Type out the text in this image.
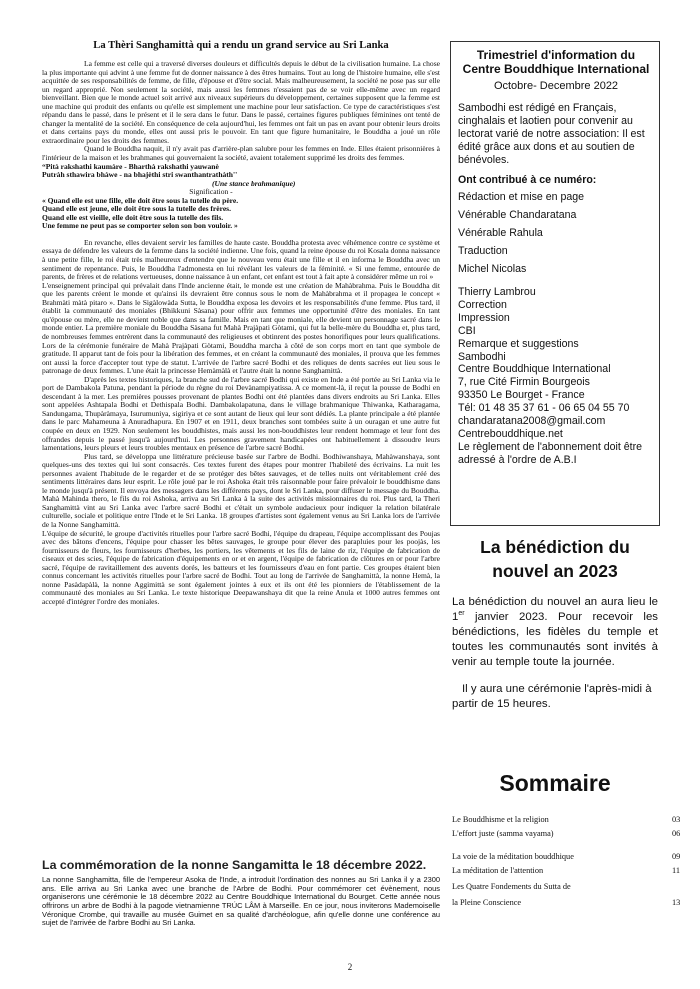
La Thèri Sanghamittà qui a rendu un grand service au Sri Lanka

La femme est celle qui a traversé diverses douleurs et difficultés depuis le début de la civilisation humaine. La chose la plus importante qui advint à une femme fut de donner naissance à des êtres humains. Tout au long de l'histoire humaine, elle s'est acquittée de ses responsabilités de femme, de fille, d'épouse et d'être social. Mais malheureusement, la société ne pose pas sur elle un regard approprié. Non seulement la société, mais aussi les femmes n'essaient pas de se voir elle-même avec un regard bienveillant. Bien que le monde actuel soit arrivé aux niveaux supérieurs du développement, certaines supposent que la femme est une machine qui produit des enfants ou qu'elle est simplement une machine pour leur satisfaction. Ce type de caractéristiques s'est répandu dans le passé, dans le présent et il le sera dans le futur. Dans le passé, certaines figures publiques féminines ont tenté de changer la mentalité de la société. En conséquence de cela aujourd'hui, les femmes ont fait un pas en avant pour obtenir leurs droits et dans certains pays du monde, elles ont aussi pris le pouvoir. En tant que figure humanitaire, le Bouddha a joué un rôle extraordinaire pour les droits des femmes.

Quand le Bouddha naquit, il n'y avait pas d'arrière-plan salubre pour les femmes en Inde. Elles étaient prisonnières à l'intérieur de la maison et les brahmanes qui gouvernaient la société, avaient totalement supprimé les droits des femmes.

“Pità rakshathi kaumàre - Bharthà rakshathi yauwanè

Putràh sthawira bhàwe - na bhajèthi stri swanthantrathàth''

(Une stance brahmanique)

Signification -

« Quand elle est une fille, elle doit être sous la tutelle du père.

Quand elle est jeune, elle doit être sous la tutelle des frères.

Quand elle est vieille, elle doit être sous la tutelle des fils.

Une femme ne peut pas se comporter selon son bon vouloir. »

En revanche, elles devaient servir les familles de haute caste. Bouddha protesta avec véhémence contre ce système et essaya de défendre les valeurs de la femme dans la société indienne. Une fois, quand la reine épouse du roi Kosala donna naissance à une petite fille, le roi était très malheureux d'entendre que le nouveau venu était une fille et il en informa le Bouddha avec un sentiment de repentance. Puis, le Bouddha l'admonesta en lui révélant les valeurs de la féminité. « Si une femme, entourée de parents, de frères et de relations vertueuses, donne naissance à un enfant, cet enfant est tout à fait apte à considérer même un roi »

L'enseignement principal qui prévalait dans l'Inde ancienne était, le monde est une création de Mahàbrahma. Puis le Bouddha dit que les parents créent le monde et qu'ainsi ils devraient être connus sous le nom de Mahàbrahma et il propagea le concept « Brahmàti màtà pitaro ». Dans le Sigàlowàda Sutta, le Bouddha exposa les devoirs et les responsabilités d'une femme. Plus tard, il établit la communauté des moniales (Bhikkuni Sàsana) pour offrir aux femmes une opportunité d'être des moniales. En tant qu'épouse ou mère, elle ne devient noble que dans sa famille. Mais en tant que moniale, elle devient un personnage sacré dans le monde entier. La première moniale du Bouddha Sàsana fut Mahà Prajàpati Gòtami, qui fut la belle-mère du Bouddha et, plus tard, de nombreuses femmes entrèrent dans la communauté des religieuses et obtinrent des postes honorifiques pour leurs qualifications. Lors de la cérémonie funéraire de Mahà Prajàpati Gòtami, Bouddha marcha à côté de son corps mort en tant que symbole de gratitude. Il apparut tant de fois pour la libération des femmes, et en créant la communauté des moniales, il prouva que les femmes ont aussi la force d'accepter tout type de statut. L'arrivée de l'arbre sacré Bodhi et des reliques de dents sacrées eut lieu sous le patronage de deux femmes. L'une était la princesse Hemàmàlà et l'autre était la nonne Sanghamittà.

D'après les textes historiques, la branche sud de l'arbre sacré Bodhi qui existe en Inde a été portée au Sri Lanka via le port de Dambakola Patuna, pendant la période du règne du roi Devànampiyatissa. A ce moment-là, il reçut la pousse de Bodhi en descendant à la mer. Les premières pousses provenant de plantes Bodhi ont été plantées dans divers endroits au Sri Lanka. Elles sont appelées Ashtapala Bodhi et Dethispala Bodhi. Dambakolapatuna, dans le village brahmanique Thiwanka, Katharagama, Sandungama, Thupàràmaya, Isurumuniya, sigiriya et ce sont autant de lieux qui leur sont dédiés. La plante principale a été plantée dans le parc Mahameuna à Anuradhapura. En 1907 et en 1911, deux branches sont tombées suite à un ouragan et une autre fut coupée en deux en 1929. Non seulement les bouddhistes, mais aussi les non-bouddhistes leur rendent hommage et leur font des offrandes depuis le passé jusqu'à aujourd'hui. Les personnes gravement handicapées ont habituellement à dissoudre leurs lamentations, leurs pleurs et leurs troubles mentaux en présence de l'arbre sacré Bodhi.

Plus tard, se développa une littérature précieuse basée sur l'arbre de Bodhi. Bodhiwanshaya, Mahàwanshaya, sont quelques-uns des textes qui lui sont consacrés. Ces textes furent des étapes pour montrer l'habileté des écrivains. La nuit les personnes avaient l'habitude de le regarder et de se protéger des bêtes sauvages, et de telles nuits ont véritablement créé des sentiments littéraires dans leur esprit. Le rôle joué par le roi Ashoka était très raisonnable pour faire prévaloir le bouddhisme dans le monde jusqu'à présent. Il envoya des messagers dans les différents pays, dont le Sri Lanka, pour diffuser le message du Bouddha. Mahà Mahinda thero, le fils du roi Ashoka, arriva au Sri Lanka à la suite des activités missionnaires du roi. Plus tard, la Theri Sanghamittà vint au Sri Lanka avec l'arbre sacré Bodhi et c'était un symbole audacieux pour indiquer la relation bilatérale culturelle, sociale et politique entre l'Inde et le Sri Lanka. 18 groupes d'artistes sont également venus au Sri Lanka lors de l'arrivée de la Nonne Sanghamittà.

L'équipe de sécurité, le groupe d'activités rituelles pour l'arbre sacré Bodhi, l'équipe du drapeau, l'équipe accomplissant des Poujas avec des bâtons d'encens, l'équipe pour chasser les bêtes sauvages, le groupe pour élever des parapluies pour les poojàs, les fournisseurs de fleurs, les fournisseurs d'herbes, les portiers, les vêtements et les fils de laine de riz, l'équipe de fabrication de ciseaux et des scies, l'équipe de fabrication d'équipements en or et en argent, l'équipe de fabrication de clôtures en or pour l'arbre sacré, l'équipe de ravitaillement des auvents dorés, les batteurs et les fournisseurs d'eau en font partie. Ces groupes étaient bien connus concernant les activités rituelles pour l'arbre sacré de Bodhi. Tout au long de l'arrivée de Sanghamittà, la nonne Hemà, la nonne Pasàdapàlà, la nonne Aggimittà se sont également jointes à eux et ils ont été les pionniers de l'établissement de la communauté des moniales au Sri Lanka. Le texte historique Deepawanshaya dit que la reine Anula et 1000 autres femmes ont accepté d'intégrer l'ordre des moniales.

La commémoration de la nonne Sangamitta le 18 décembre 2022.

La nonne Sanghamitta, fille de l'empereur Asoka de l'Inde, a introduit l'ordination des nonnes au Sri Lanka il y a 2300 ans. Elle arriva au Sri Lanka avec une branche de l'Arbre de Bodhi. Pour commémorer cet évènement, nous organiserons une cérémonie le 18 décembre 2022 au Centre Bouddhique International du Bourget. Cette année nous offrirons un arbre de Bodhi à la pagode vietnamienne TRÚC LÂM à Marseille. En ce jour, nous inviterons Mademoiselle Véronique Crombe, qui travaille au musée Guimet en sa qualité d'archéologue, afin qu'elle donne une conférence au sujet de l'arrivée de l'arbre Bodhi au Sri Lanka.

Trimestriel d'information du Centre Bouddhique International

Octobre- Decembre 2022

Sambodhi est rédigé en Français, cinghalais et laotien pour convenir au lectorat varié de notre association: Il est édité grâce aux dons et au soutien de bénévoles.

Ont contribué à ce numéro:

Rédaction et mise en page

Vénérable Chandaratana

Vénérable Rahula

Traduction

Michel Nicolas

Thierry Lambrou

Correction

Impression

CBI

Remarque et suggestions

Sambodhi

Centre Bouddhique International

7, rue Cité Firmin Bourgeois

93350 Le Bourget - France

Tél: 01 48 35 37 61 - 06 65 04 55 70

chandaratana2008@gmail.com

Centrebouddhique.net

Le règlement de l'abonnement doit être adressé à l'ordre de A.B.I

La bénédiction du nouvel an 2023

La bénédiction du nouvel an aura lieu le 1er janvier 2023. Pour recevoir les bénédictions, les fidèles du temple et toutes les communautés sont invités à venir au temple toute la journée.

Il y aura une cérémonie l'après-midi à partir de 15 heures.

Sommaire
Le Bouddhisme et la religion	03
L'effort juste (samma vayama)	06
La voie de la méditation bouddhique	09
La méditation de l'attention	11
Les Quatre Fondements du Sutta de
la Pleine Conscience	13
2
